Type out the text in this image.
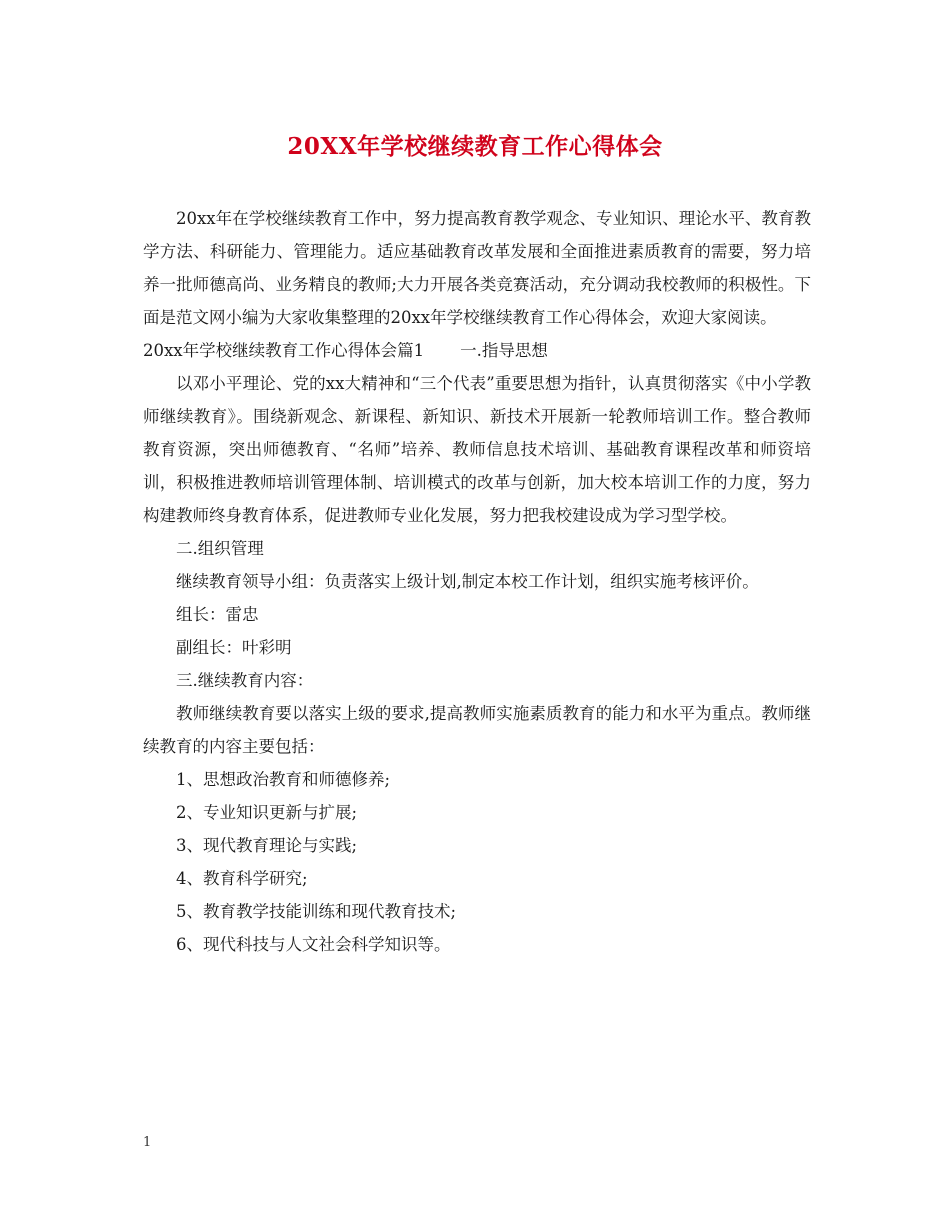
20XX年学校继续教育工作心得体会

20xx年在学校继续教育工作中，努力提高教育教学观念、专业知识、理论水平、教育教学方法、科研能力、管理能力。适应基础教育改革发展和全面推进素质教育的需要，努力培养一批师德高尚、业务精良的教师;大力开展各类竞赛活动，充分调动我校教师的积极性。下面是范文网小编为大家收集整理的20xx年学校继续教育工作心得体会，欢迎大家阅读。

20xx年学校继续教育工作心得体会篇1 一.指导思想

以邓小平理论、党的xx大精神和“三个代表”重要思想为指针，认真贯彻落实《中小学教师继续教育》。围绕新观念、新课程、新知识、新技术开展新一轮教师培训工作。整合教师教育资源，突出师德教育、“名师”培养、教师信息技术培训、基础教育课程改革和师资培训，积极推进教师培训管理体制、培训模式的改革与创新，加大校本培训工作的力度，努力构建教师终身教育体系，促进教师专业化发展，努力把我校建设成为学习型学校。

二.组织管理

继续教育领导小组：负责落实上级计划,制定本校工作计划，组织实施考核评价。

组长：雷忠

副组长：叶彩明

三.继续教育内容：

教师继续教育要以落实上级的要求,提高教师实施素质教育的能力和水平为重点。教师继续教育的内容主要包括：

1、思想政治教育和师德修养;

2、专业知识更新与扩展;

3、现代教育理论与实践;

4、教育科学研究;

5、教育教学技能训练和现代教育技术;

6、现代科技与人文社会科学知识等。

1
